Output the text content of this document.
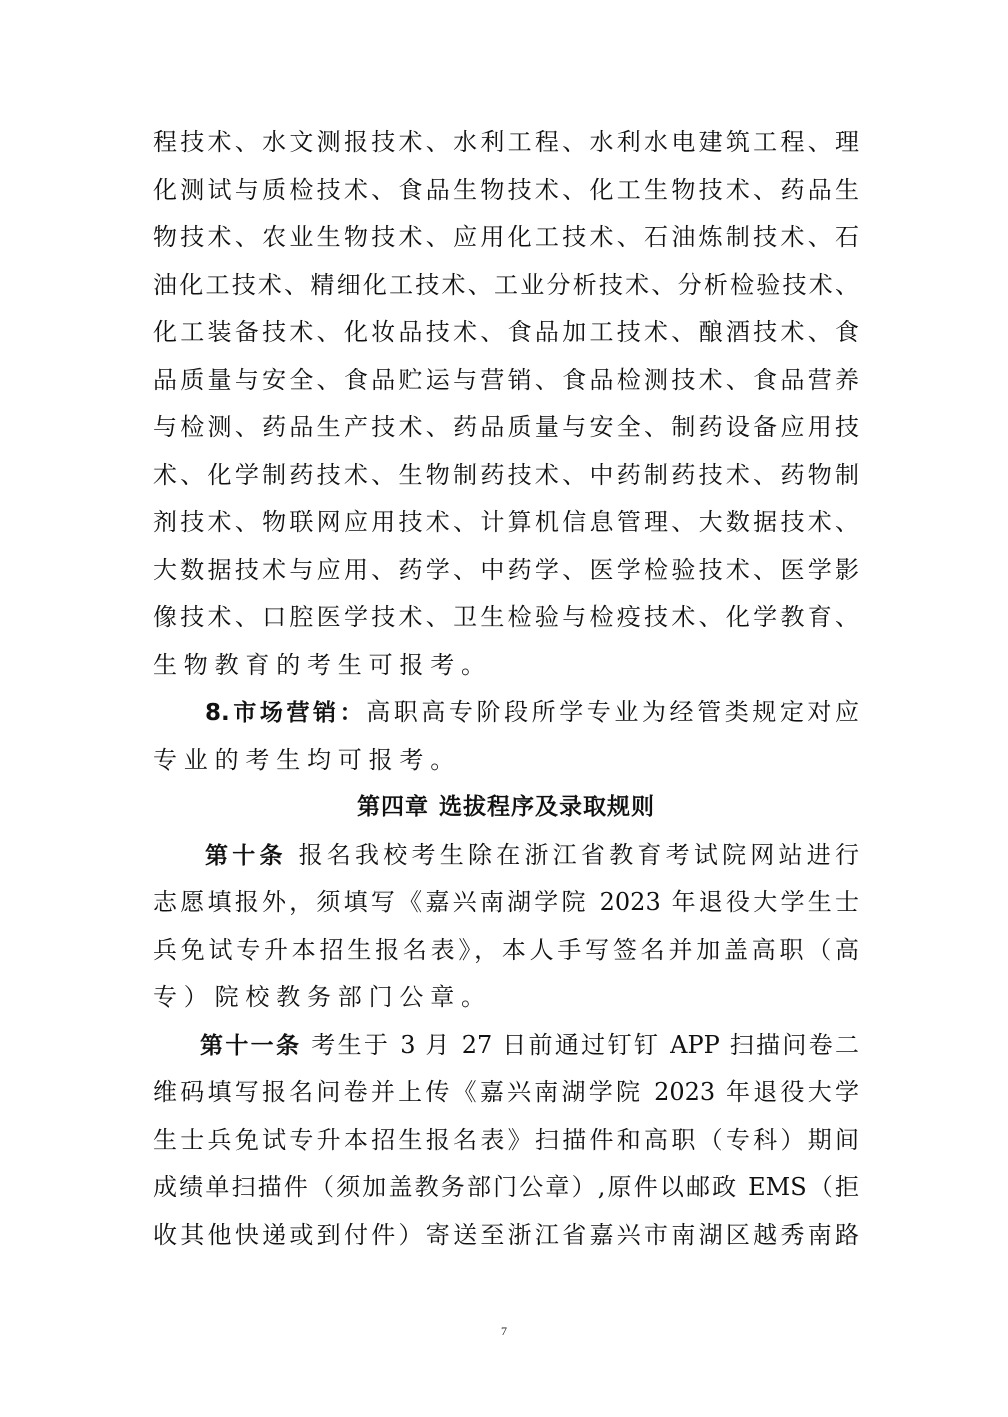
程技术、水文测报技术、水利工程、水利水电建筑工程、理
化测试与质检技术、食品生物技术、化工生物技术、药品生
物技术、农业生物技术、应用化工技术、石油炼制技术、石
油化工技术、精细化工技术、工业分析技术、分析检验技术、
化工装备技术、化妆品技术、食品加工技术、酿酒技术、食
品质量与安全、食品贮运与营销、食品检测技术、食品营养
与检测、药品生产技术、药品质量与安全、制药设备应用技
术、化学制药技术、生物制药技术、中药制药技术、药物制
剂技术、物联网应用技术、计算机信息管理、大数据技术、
大数据技术与应用、药学、中药学、医学检验技术、医学影
像技术、口腔医学技术、卫生检验与检疫技术、化学教育、
生物教育的考生可报考。
8.市场营销：高职高专阶段所学专业为经管类规定对应
专业的考生均可报考。
第四章 选拔程序及录取规则
第十条 报名我校考生除在浙江省教育考试院网站进行
志愿填报外，须填写《嘉兴南湖学院 2023 年退役大学生士
兵免试专升本招生报名表》，本人手写签名并加盖高职（高
专）院校教务部门公章。
第十一条 考生于 3 月 27 日前通过钉钉 APP 扫描问卷二
维码填写报名问卷并上传《嘉兴南湖学院 2023 年退役大学
生士兵免试专升本招生报名表》扫描件和高职（专科）期间
成绩单扫描件（须加盖教务部门公章）,原件以邮政 EMS（拒
收其他快递或到付件）寄送至浙江省嘉兴市南湖区越秀南路
7
